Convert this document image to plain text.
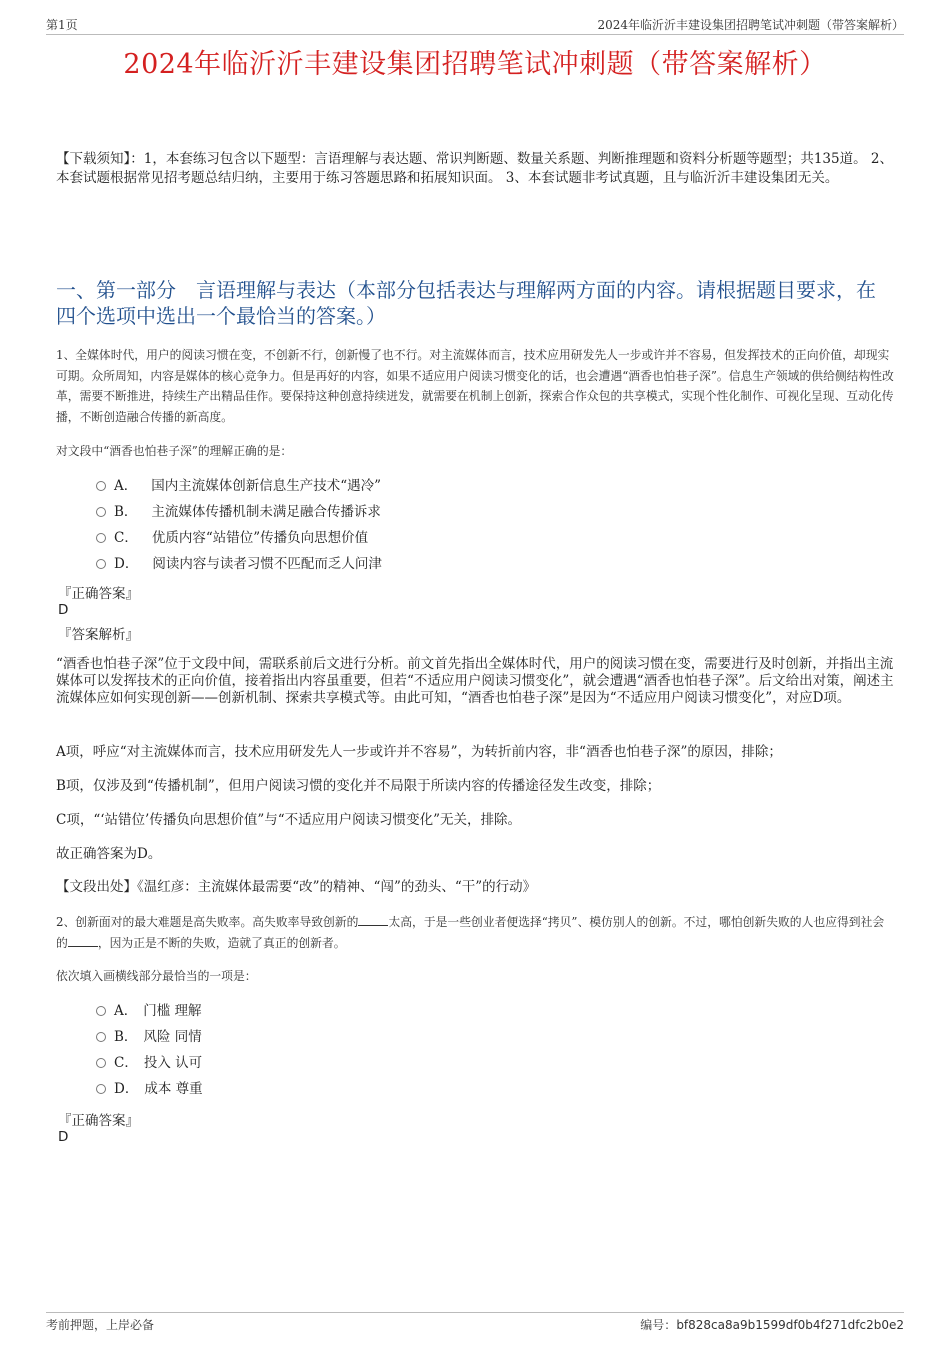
第1页	2024年临沂沂丰建设集团招聘笔试冲刺题（带答案解析）
2024年临沂沂丰建设集团招聘笔试冲刺题（带答案解析）
【下载须知】：1，本套练习包含以下题型：言语理解与表达题、常识判断题、数量关系题、判断推理题和资料分析题等题型；共135道。 2、本套试题根据常见招考题总结归纳，主要用于练习答题思路和拓展知识面。 3、本套试题非考试真题，且与临沂沂丰建设集团无关。
一、第一部分　言语理解与表达（本部分包括表达与理解两方面的内容。请根据题目要求，在四个选项中选出一个最恰当的答案。）
1、全媒体时代，用户的阅读习惯在变，不创新不行，创新慢了也不行。对主流媒体而言，技术应用研发先人一步或许并不容易，但发挥技术的正向价值，却现实可期。众所周知，内容是媒体的核心竞争力。但是再好的内容，如果不适应用户阅读习惯变化的话，也会遭遇“酒香也怕巷子深”。信息生产领域的供给侧结构性改革，需要不断推进，持续生产出精品佳作。要保持这种创意持续迸发，就需要在机制上创新，探索合作众包的共享模式，实现个性化制作、可视化呈现、互动化传播，不断创造融合传播的新高度。
对文段中“酒香也怕巷子深”的理解正确的是：
A． 国内主流媒体创新信息生产技术“遇冷”
B． 主流媒体传播机制未满足融合传播诉求
C． 优质内容“站错位”传播负向思想价值
D． 阅读内容与读者习惯不匹配而乏人问津
『正确答案』
D
『答案解析』
“酒香也怕巷子深”位于文段中间，需联系前后文进行分析。前文首先指出全媒体时代，用户的阅读习惯在变，需要进行及时创新，并指出主流媒体可以发挥技术的正向价值，接着指出内容虽重要，但若“不适应用户阅读习惯变化”，就会遭遇“酒香也怕巷子深”。后文给出对策，阐述主流媒体应如何实现创新——创新机制、探索共享模式等。由此可知，“酒香也怕巷子深”是因为“不适应用户阅读习惯变化”，对应D项。
A项，呼应“对主流媒体而言，技术应用研发先人一步或许并不容易”，为转折前内容，非“酒香也怕巷子深”的原因，排除；
B项，仅涉及到“传播机制”，但用户阅读习惯的变化并不局限于所读内容的传播途径发生改变，排除；
C项，“‘站错位’传播负向思想价值”与“不适应用户阅读习惯变化”无关，排除。
故正确答案为D。
【文段出处】《温红彦：主流媒体最需要“改”的精神、“闯”的劲头、“干”的行动》
2、创新面对的最大难题是高失败率。高失败率导致创新的	太高，于是一些创业者便选择“拷贝”、模仿别人的创新。不过，哪怕创新失败的人也应得到社会的	，因为正是不断的失败，造就了真正的创新者。
依次填入画横线部分最恰当的一项是：
A． 门槛 理解
B． 风险 同情
C． 投入 认可
D． 成本 尊重
『正确答案』
D
考前押题，上岸必备	编号：bf828ca8a9b1599df0b4f271dfc2b0e2
